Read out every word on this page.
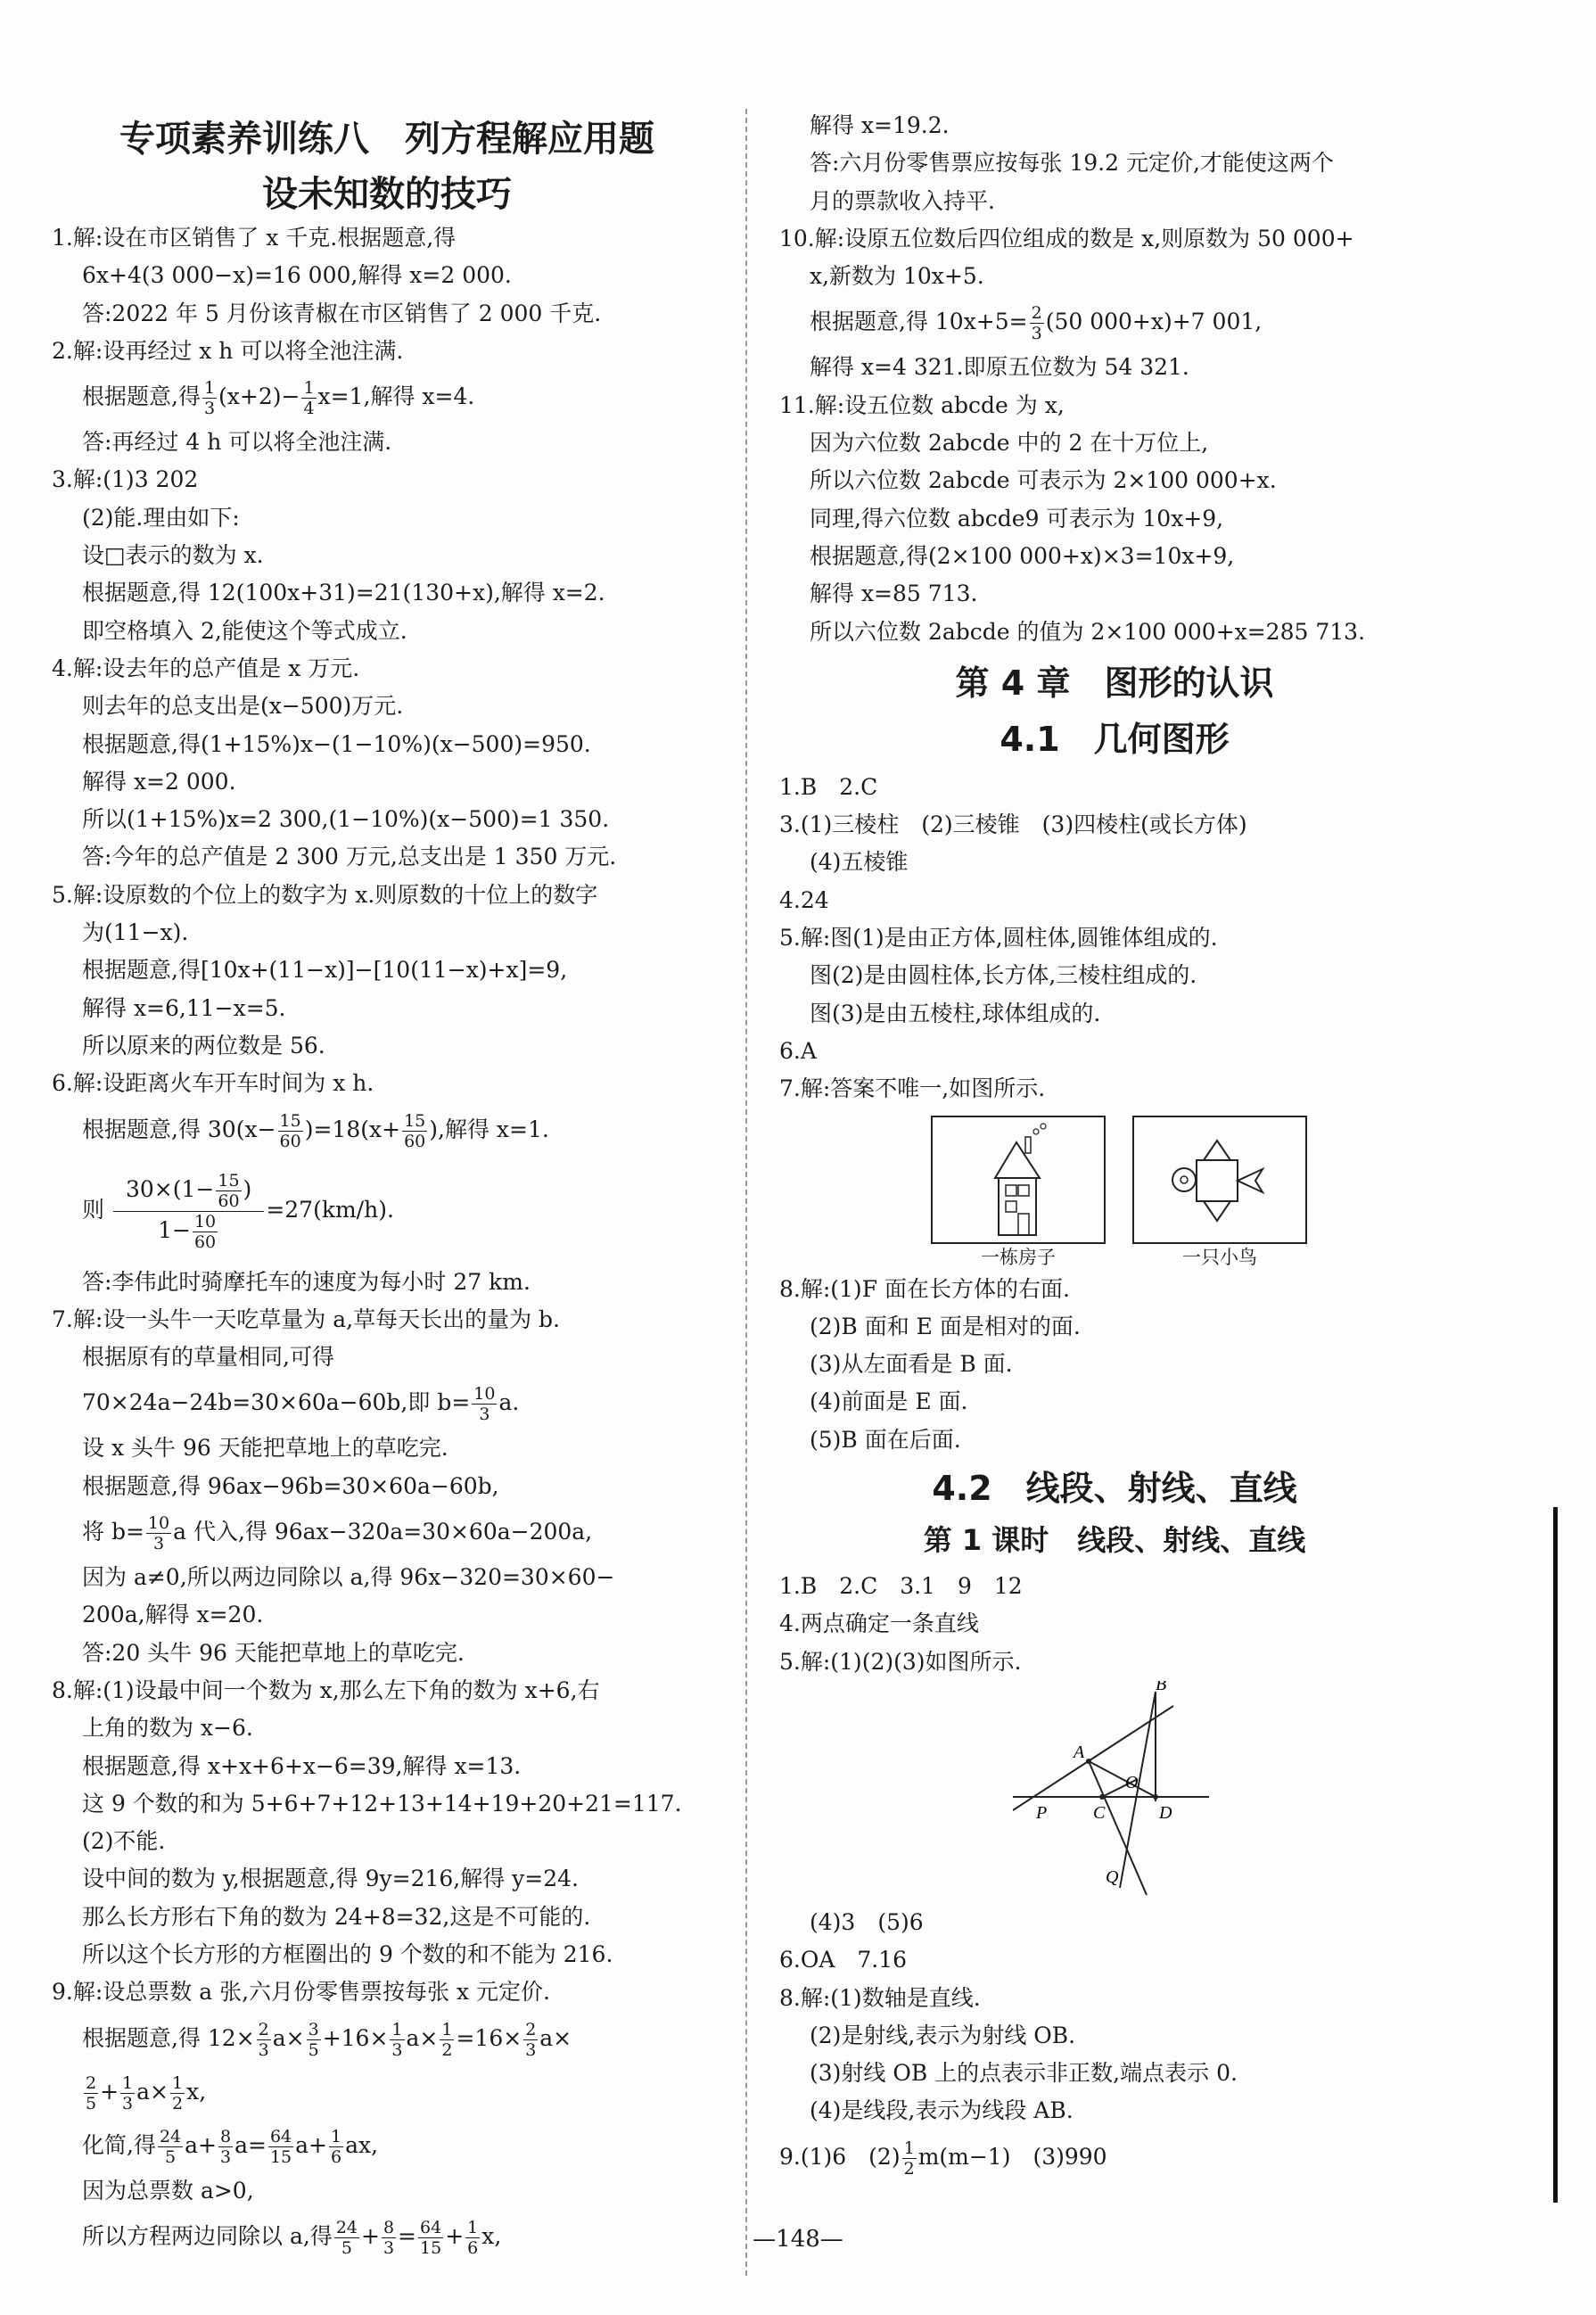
专项素养训练八　列方程解应用题
设未知数的技巧
1.解:设在市区销售了 x 千克.根据题意,得
6x+4(3 000−x)=16 000,解得 x=2 000.
答:2022 年 5 月份该青椒在市区销售了 2 000 千克.
2.解:设再经过 x h 可以将全池注满.
根据题意,得 $\frac{1}{3} (x+2)- \frac{1}{4} x=1$,解得 x=4.
答:再经过 4 h 可以将全池注满.
3.解:(1)3 202
(2)能.理由如下:
设□表示的数为 x.
根据题意,得 12(100x+31)=21(130+x),解得 x=2.
即空格填入 2,能使这个等式成立.
4.解:设去年的总产值是 x 万元.
则去年的总支出是(x−500)万元.
根据题意,得(1+15%)x−(1−10%)(x−500)=950.
解得 x=2 000.
所以(1+15%)x=2 300,(1−10%)(x−500)=1 350.
答:今年的总产值是 2 300 万元,总支出是 1 350 万元.
5.解:设原数的个位上的数字为 x.则原数的十位上的数字
为(11−x).
根据题意,得[10x+(11−x)]−[10(11−x)+x]=9,
解得 x=6,11−x=5.
所以原来的两位数是 56.
6.解:设距离火车开车时间为 x h.
根据题意,得 $30(x- \frac{15}{60} )=18(x+ \frac{15}{60}$ ),解得 x=1.
则 $\frac{30\times(1- \frac{15}{60} )}{1- \frac{10}{60}} =27(km/h)$.
答:李伟此时骑摩托车的速度为每小时 27 km.
7.解:设一头牛一天吃草量为 a,草每天长出的量为 b.
根据原有的草量相同,可得
70×24a−24b=30×60a−60b,即 $b= \frac{10}{3} a$.
设 x 头牛 96 天能把草地上的草吃完.
根据题意,得 96ax−96b=30×60a−60b,
将 $b= \frac{10}{3}$ a 代入,得 96ax−320a=30×60a−200a,
因为 a≠0,所以两边同除以 a,得 96x−320=30×60−
200a,解得 x=20.
答:20 头牛 96 天能把草地上的草吃完.
8.解:(1)设最中间一个数为 x,那么左下角的数为 x+6,右
上角的数为 x−6.
根据题意,得 x+x+6+x−6=39,解得 x=13.
这 9 个数的和为 5+6+7+12+13+14+19+20+21=117.
(2)不能.
设中间的数为 y,根据题意,得 9y=216,解得 y=24.
那么长方形右下角的数为 24+8=32,这是不可能的.
所以这个长方形的方框圈出的 9 个数的和不能为 216.
9.解:设总票数 a 张,六月份零售票按每张 x 元定价.
根据题意,得 $12\times \frac{2}{3} a\times \frac{3}{5} +16\times \frac{1}{3} a\times \frac{1}{2} =16\times \frac{2}{3} a\times$
$\frac{2}{5} + \frac{1}{3} a\times \frac{1}{2} x$,
化简,得 $\frac{24}{5} a+ \frac{8}{3} a= \frac{64}{15} a+ \frac{1}{6}$ ax,
因为总票数 a>0,
所以方程两边同除以 a,得 $\frac{24}{5} + \frac{8}{3} = \frac{64}{15} + \frac{1}{6} x$,
解得 x=19.2.
答:六月份零售票应按每张 19.2 元定价,才能使这两个
月的票款收入持平.
10.解:设原五位数后四位组成的数是 x,则原数为 50 000+
x,新数为 10x+5.
根据题意,得 $10x+5= \frac{2}{3} (50$ 000+x)+7 001,
解得 x=4 321.即原五位数为 54 321.
11.解:设五位数 abcde 为 x,
因为六位数 2abcde 中的 2 在十万位上,
所以六位数 2abcde 可表示为 2×100 000+x.
同理,得六位数 abcde9 可表示为 10x+9,
根据题意,得(2×100 000+x)×3=10x+9,
解得 x=85 713.
所以六位数 2abcde 的值为 2×100 000+x=285 713.
第 4 章　图形的认识
4.1　几何图形
1.B　2.C
3.(1)三棱柱　(2)三棱锥　(3)四棱柱(或长方体)
(4)五棱锥
4.24
5.解:图(1)是由正方体,圆柱体,圆锥体组成的.
图(2)是由圆柱体,长方体,三棱柱组成的.
图(3)是由五棱柱,球体组成的.
6.A
7.解:答案不唯一,如图所示.
一栋房子	一只小鸟
8.解:(1)F 面在长方体的右面.
(2)B 面和 E 面是相对的面.
(3)从左面看是 B 面.
(4)前面是 E 面.
(5)B 面在后面.
4.2　线段、射线、直线
第 1 课时　线段、射线、直线
1.B　2.C　3.1　9　12
4.两点确定一条直线
5.解:(1)(2)(3)如图所示.
B
A
O
P	C	D
Q
(4)3　(5)6
6.OA　7.16
8.解:(1)数轴是直线.
(2)是射线,表示为射线 OB.
(3)射线 OB 上的点表示非正数,端点表示 0.
(4)是线段,表示为线段 AB.
9.(1)6　$(2) \frac{1}{2} m(m-1)$　(3)990
—148—
